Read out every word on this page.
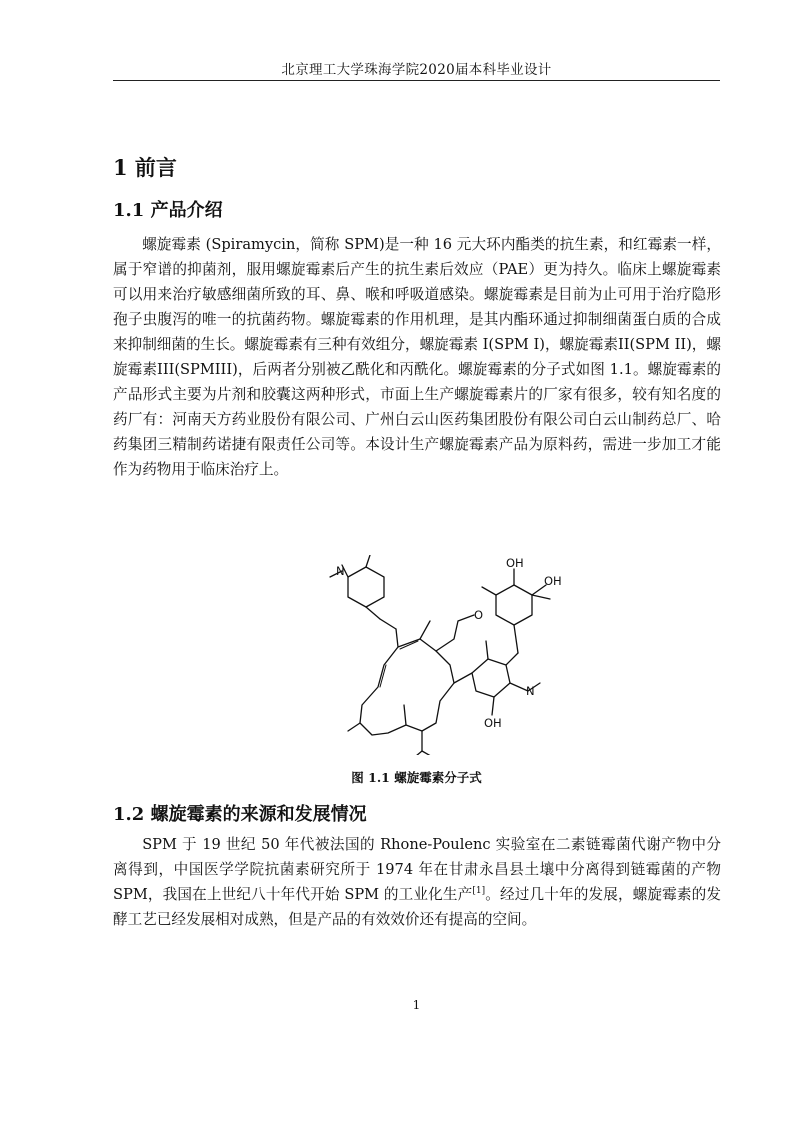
北京理工大学珠海学院2020届本科毕业设计
1 前言
1.1 产品介绍

螺旋霉素 (Spiramycin，简称 SPM)是一种 16 元大环内酯类的抗生素，和红霉素一样，属于窄谱的抑菌剂，服用螺旋霉素后产生的抗生素后效应（PAE）更为持久。临床上螺旋霉素可以用来治疗敏感细菌所致的耳、鼻、喉和呼吸道感染。螺旋霉素是目前为止可用于治疗隐形孢子虫腹泻的唯一的抗菌药物。螺旋霉素的作用机理，是其内酯环通过抑制细菌蛋白质的合成来抑制细菌的生长。螺旋霉素有三种有效组分，螺旋霉素 I(SPM I)，螺旋霉素II(SPM II)，螺旋霉素III(SPMIII)，后两者分别被乙酰化和丙酰化。螺旋霉素的分子式如图 1.1。螺旋霉素的产品形式主要为片剂和胶囊这两种形式，市面上生产螺旋霉素片的厂家有很多，较有知名度的药厂有：河南天方药业股份有限公司、广州白云山医药集团股份有限公司白云山制药总厂、哈药集团三精制药诺捷有限责任公司等。本设计生产螺旋霉素产品为原料药，需进一步加工才能作为药物用于临床治疗上。

N
N
O
OH
OH
OH
图 1.1 螺旋霉素分子式
1.2 螺旋霉素的来源和发展情况

SPM 于 19 世纪 50 年代被法国的 Rhone-Poulenc 实验室在二素链霉菌代谢产物中分离得到，中国医学学院抗菌素研究所于 1974 年在甘肃永昌县土壤中分离得到链霉菌的产物 SPM，我国在上世纪八十年代开始 SPM 的工业化生产[1]。经过几十年的发展，螺旋霉素的发酵工艺已经发展相对成熟，但是产品的有效效价还有提高的空间。

1
